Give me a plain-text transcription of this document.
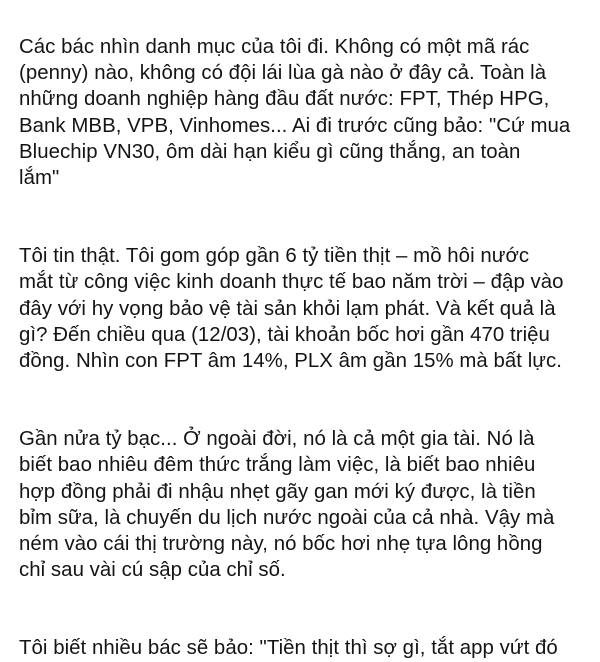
Các bác nhìn danh mục của tôi đi. Không có một mã rác
(penny) nào, không có đội lái lùa gà nào ở đây cả. Toàn là
những doanh nghiệp hàng đầu đất nước: FPT, Thép HPG,
Bank MBB, VPB, Vinhomes... Ai đi trước cũng bảo: "Cứ mua
Bluechip VN30, ôm dài hạn kiểu gì cũng thắng, an toàn
lắm"

Tôi tin thật. Tôi gom góp gần 6 tỷ tiền thịt – mồ hôi nước
mắt từ công việc kinh doanh thực tế bao năm trời – đập vào
đây với hy vọng bảo vệ tài sản khỏi lạm phát. Và kết quả là
gì? Đến chiều qua (12/03), tài khoản bốc hơi gần 470 triệu
đồng. Nhìn con FPT âm 14%, PLX âm gần 15% mà bất lực.

Gần nửa tỷ bạc... Ở ngoài đời, nó là cả một gia tài. Nó là
biết bao nhiêu đêm thức trắng làm việc, là biết bao nhiêu
hợp đồng phải đi nhậu nhẹt gãy gan mới ký được, là tiền
bỉm sữa, là chuyến du lịch nước ngoài của cả nhà. Vậy mà
ném vào cái thị trường này, nó bốc hơi nhẹ tựa lông hồng
chỉ sau vài cú sập của chỉ số.

Tôi biết nhiều bác sẽ bảo: "Tiền thịt thì sợ gì, tắt app vứt đó
